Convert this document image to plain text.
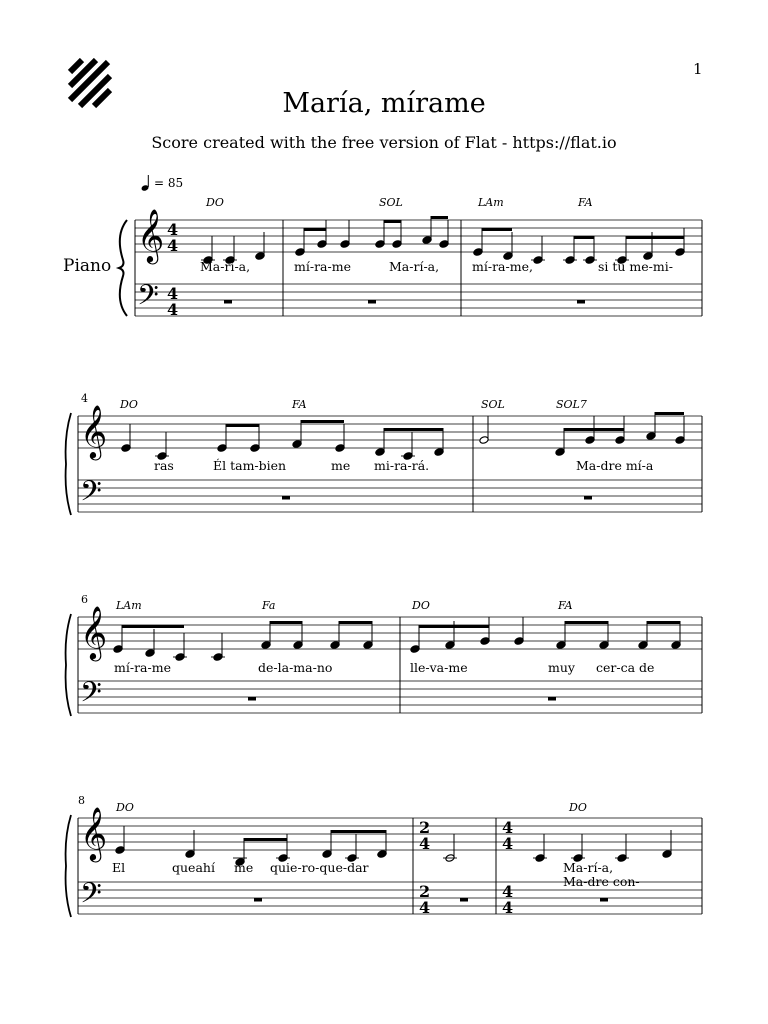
1
María, mírame
Score created with the free version of Flat - https://flat.io
= 85
Piano
𝄞
𝄢
4
4
4
4
𝄞
𝄢
𝄞
𝄢
𝄞
𝄢
2
4
2
4
4
4
4
4
DO	SOL	LAm	FA
Ma-rí-a,	mí-ra-me	Ma-rí-a,	mí-ra-me,	si tu me-mi-
4	DO	FA	SOL	SOL7
ras	Él tam-bien	me mi-ra-rá.	Ma-dre mí-a
6	LAm	Fa	DO	FA
mí-ra-me	de-la-ma-no	lle-va-me	muy cer-ca de
8
DO	DO
El	queahí me quie-ro-que-dar	Ma-rí-a,
Ma-dre con-
